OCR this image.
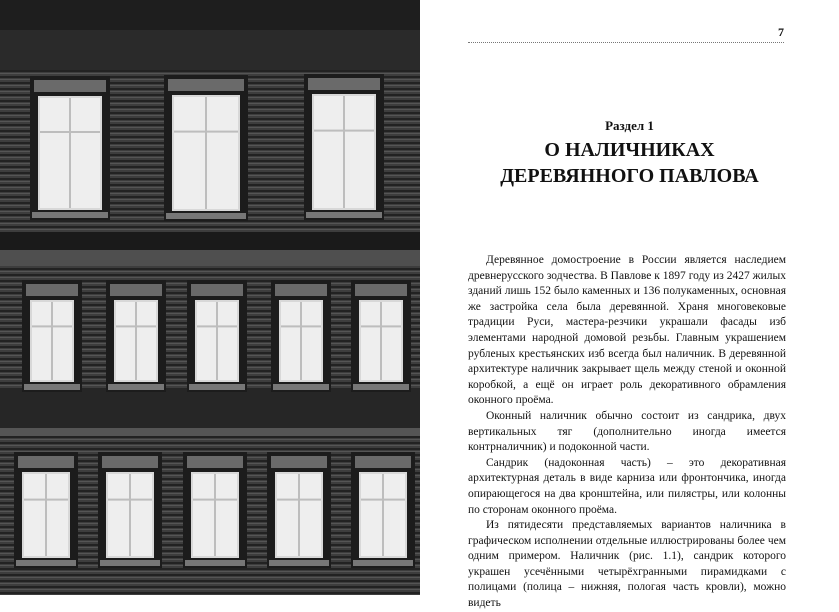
7
Раздел 1
О НАЛИЧНИКАХ
ДЕРЕВЯННОГО ПАВЛОВА

Деревянное домостроение в России является наследием древнерусского зодчества. В Павлове к 1897 году из 2427 жилых зданий лишь 152 было каменных и 136 полукаменных, основная же застройка села была деревянной. Храня многовековые традиции Руси, мастера-резчики украшали фасады изб элементами народной домовой резьбы. Главным украшением рубленых крестьянских изб всегда был наличник. В деревянной архитектуре наличник закрывает щель между стеной и оконной коробкой, а ещё он играет роль декоративного обрамления оконного проёма.

Оконный наличник обычно состоит из сандрика, двух вертикальных тяг (дополнительно иногда имеется контрналичник) и подоконной части.

Сандрик (надоконная часть) – это декоративная архитектурная деталь в виде карниза или фронтончика, иногда опирающегося на два кронштейна, или пилястры, или колонны по сторонам оконного проёма.

Из пятидесяти представляемых вариантов наличника в графическом исполнении отдельные иллюстрированы более чем одним примером. Наличник (рис. 1.1), сандрик которого украшен усечёнными четырёхгранными пирамидками с полицами (полица – нижняя, пологая часть кровли), можно видеть
